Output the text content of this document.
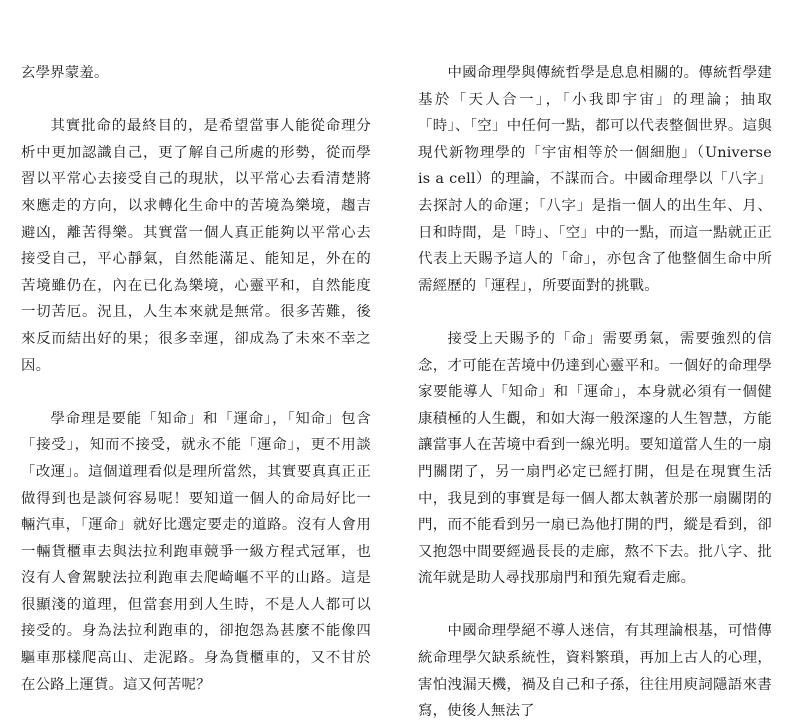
玄學界蒙羞。

其實批命的最終目的，是希望當事人能從命理分析中更加認識自己，更了解自己所處的形勢，從而學習以平常心去接受自己的現狀，以平常心去看清楚將來應走的方向，以求轉化生命中的苦境為樂境，趨吉避凶，離苦得樂。其實當一個人真正能夠以平常心去接受自己，平心靜氣，自然能滿足、能知足，外在的苦境雖仍在，內在已化為樂境，心靈平和，自然能度一切苦厄。況且，人生本來就是無常。很多苦難，後來反而結出好的果；很多幸運，卻成為了未來不幸之因。

學命理是要能「知命」和「運命」，「知命」包含「接受」，知而不接受，就永不能「運命」，更不用談「改運」。這個道理看似是理所當然，其實要真真正正做得到也是談何容易呢！要知道一個人的命局好比一輛汽車，「運命」就好比選定要走的道路。沒有人會用一輛貨櫃車去與法拉利跑車競爭一級方程式冠軍，也沒有人會駕駛法拉利跑車去爬崎嶇不平的山路。這是很顯淺的道理，但當套用到人生時，不是人人都可以接受的。身為法拉利跑車的，卻抱怨為甚麼不能像四驅車那樣爬高山、走泥路。身為貨櫃車的，又不甘於在公路上運貨。這又何苦呢？

中國命理學與傳統哲學是息息相關的。傳統哲學建基於「天人合一」，「小我即宇宙」的理論；抽取「時」、「空」中任何一點，都可以代表整個世界。這與現代新物理學的「宇宙相等於一個細胞」（Universe is a cell）的理論，不謀而合。中國命理學以「八字」去探討人的命運；「八字」是指一個人的出生年、月、日和時間，是「時」、「空」中的一點，而這一點就正正代表上天賜予這人的「命」，亦包含了他整個生命中所需經歷的「運程」，所要面對的挑戰。

接受上天賜予的「命」需要勇氣，需要強烈的信念，才可能在苦境中仍達到心靈平和。一個好的命理學家要能導人「知命」和「運命」，本身就必須有一個健康積極的人生觀，和如大海一般深邃的人生智慧，方能讓當事人在苦境中看到一線光明。要知道當人生的一扇門關閉了，另一扇門必定已經打開，但是在現實生活中，我見到的事實是每一個人都太執著於那一扇關閉的門，而不能看到另一扇已為他打開的門，縱是看到，卻又抱怨中間要經過長長的走廊，熬不下去。批八字、批流年就是助人尋找那扇門和預先窺看走廊。

中國命理學絕不導人迷信，有其理論根基，可惜傳統命理學欠缺系統性，資料繁瑣，再加上古人的心理，害怕洩漏天機，禍及自己和子孫，往往用庾詞隱語來書寫，使後人無法了
